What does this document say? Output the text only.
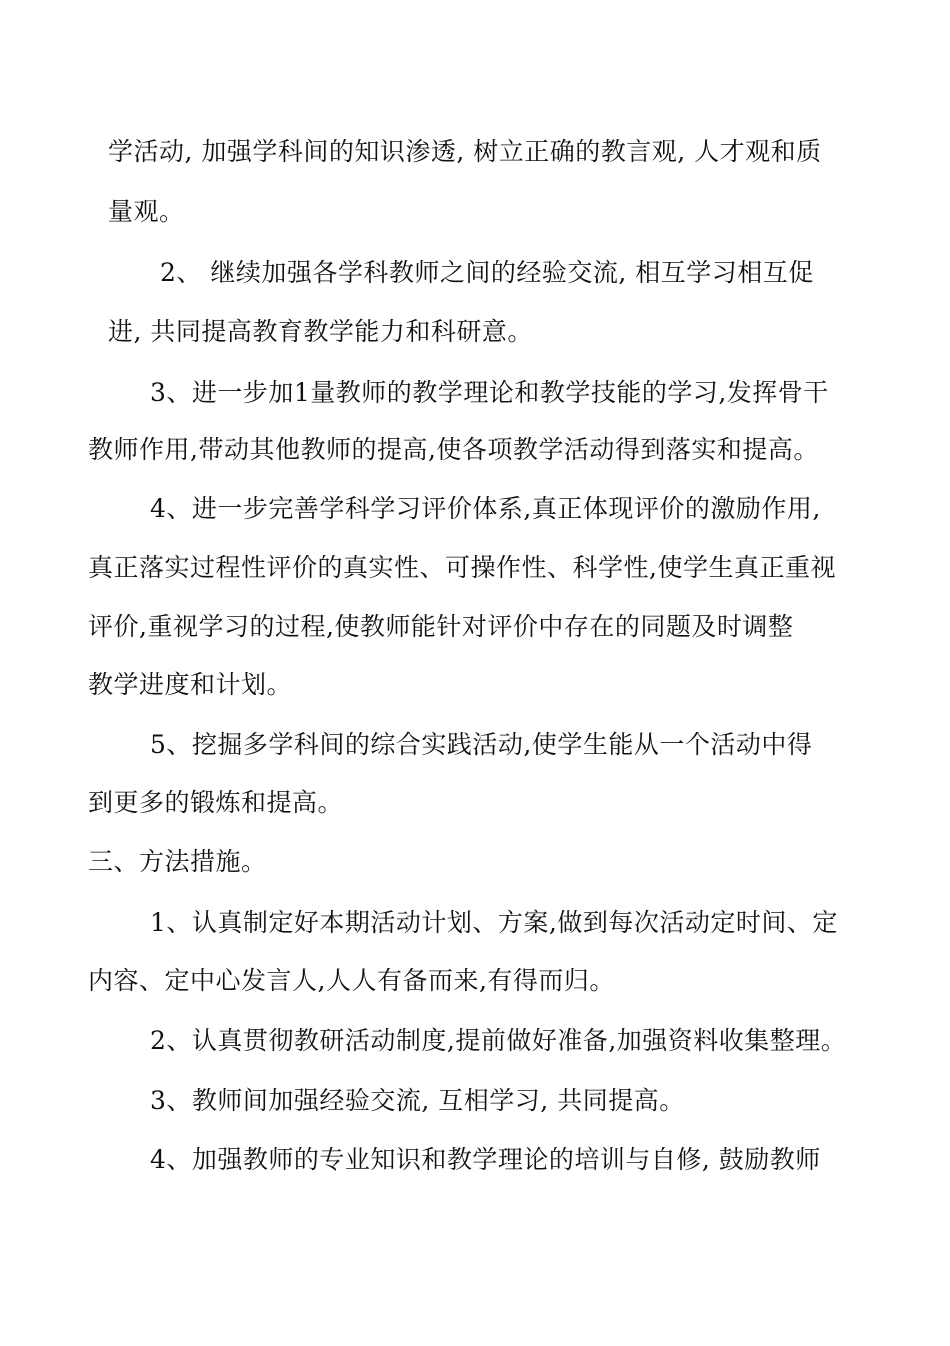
学活动, 加强学科间的知识渗透, 树立正确的教言观, 人才观和质
量观。
2、 继续加强各学科教师之间的经验交流, 相互学习相互促
进, 共同提高教育教学能力和科研意。
3、进一步加1量教师的教学理论和教学技能的学习,发挥骨干
教师作用,带动其他教师的提高,使各项教学活动得到落实和提高。
4、进一步完善学科学习评价体系,真正体现评价的激励作用,
真正落实过程性评价的真实性、可操作性、科学性,使学生真正重视
评价,重视学习的过程,使教师能针对评价中存在的同题及时调整
教学进度和计划。
5、挖掘多学科间的综合实践活动,使学生能从一个活动中得
到更多的锻炼和提高。
三、方法措施。
1、认真制定好本期活动计划、方案,做到每次活动定时间、定
内容、定中心发言人,人人有备而来,有得而归。
2、认真贯彻教研活动制度,提前做好准备,加强资料收集整理。
3、教师间加强经验交流, 互相学习, 共同提高。
4、加强教师的专业知识和教学理论的培训与自修, 鼓励教师
